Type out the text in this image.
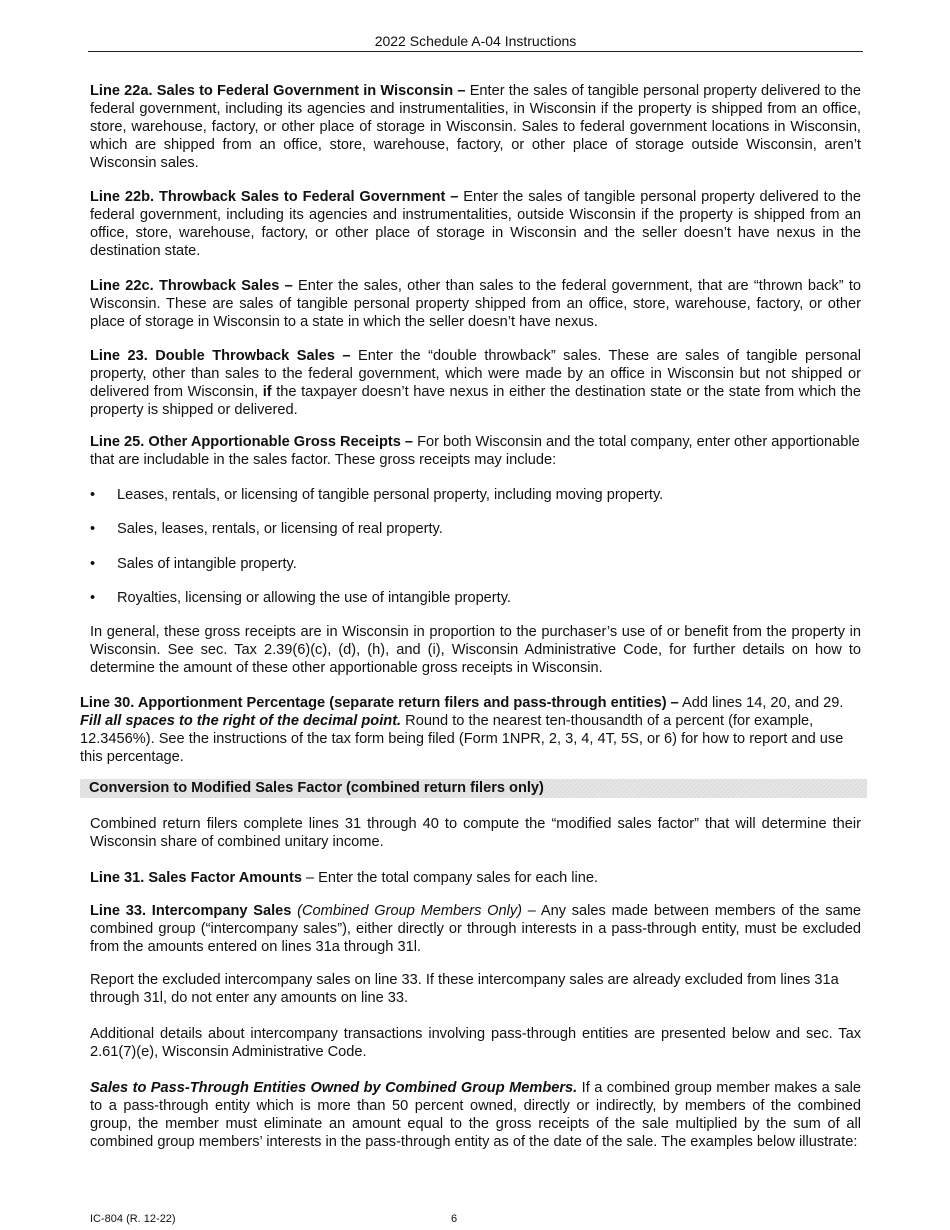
2022 Schedule A-04 Instructions

Line 22a. Sales to Federal Government in Wisconsin – Enter the sales of tangible personal property delivered to the federal government, including its agencies and instrumentalities, in Wisconsin if the property is shipped from an office, store, warehouse, factory, or other place of storage in Wisconsin. Sales to federal government locations in Wisconsin, which are shipped from an office, store, warehouse, factory, or other place of storage outside Wisconsin, aren’t Wisconsin sales.

Line 22b. Throwback Sales to Federal Government – Enter the sales of tangible personal property delivered to the federal government, including its agencies and instrumentalities, outside Wisconsin if the property is shipped from an office, store, warehouse, factory, or other place of storage in Wisconsin and the seller doesn’t have nexus in the destination state.

Line 22c. Throwback Sales – Enter the sales, other than sales to the federal government, that are “thrown back” to Wisconsin. These are sales of tangible personal property shipped from an office, store, warehouse, factory, or other place of storage in Wisconsin to a state in which the seller doesn’t have nexus.

Line 23. Double Throwback Sales – Enter the “double throwback” sales. These are sales of tangible personal property, other than sales to the federal government, which were made by an office in Wisconsin but not shipped or delivered from Wisconsin, if the taxpayer doesn’t have nexus in either the destination state or the state from which the property is shipped or delivered.

Line 25. Other Apportionable Gross Receipts – For both Wisconsin and the total company, enter other apportionable that are includable in the sales factor. These gross receipts may include:

• Leases, rentals, or licensing of tangible personal property, including moving property.
• Sales, leases, rentals, or licensing of real property.
• Sales of intangible property.
• Royalties, licensing or allowing the use of intangible property.

In general, these gross receipts are in Wisconsin in proportion to the purchaser’s use of or benefit from the property in Wisconsin. See sec. Tax 2.39(6)(c), (d), (h), and (i), Wisconsin Administrative Code, for further details on how to determine the amount of these other apportionable gross receipts in Wisconsin.

Line 30. Apportionment Percentage (separate return filers and pass-through entities) – Add lines 14, 20, and 29. Fill all spaces to the right of the decimal point. Round to the nearest ten-thousandth of a percent (for example, 12.3456%). See the instructions of the tax form being filed (Form 1NPR, 2, 3, 4, 4T, 5S, or 6) for how to report and use this percentage.

Conversion to Modified Sales Factor (combined return filers only)

Combined return filers complete lines 31 through 40 to compute the “modified sales factor” that will determine their Wisconsin share of combined unitary income.

Line 31. Sales Factor Amounts – Enter the total company sales for each line.

Line 33. Intercompany Sales (Combined Group Members Only) – Any sales made between members of the same combined group (“intercompany sales”), either directly or through interests in a pass-through entity, must be excluded from the amounts entered on lines 31a through 31l.

Report the excluded intercompany sales on line 33. If these intercompany sales are already excluded from lines 31a through 31l, do not enter any amounts on line 33.

Additional details about intercompany transactions involving pass-through entities are presented below and sec. Tax 2.61(7)(e), Wisconsin Administrative Code.

Sales to Pass-Through Entities Owned by Combined Group Members. If a combined group member makes a sale to a pass-through entity which is more than 50 percent owned, directly or indirectly, by members of the combined group, the member must eliminate an amount equal to the gross receipts of the sale multiplied by the sum of all combined group members’ interests in the pass-through entity as of the date of the sale. The examples below illustrate:

IC-804 (R. 12-22)	6
